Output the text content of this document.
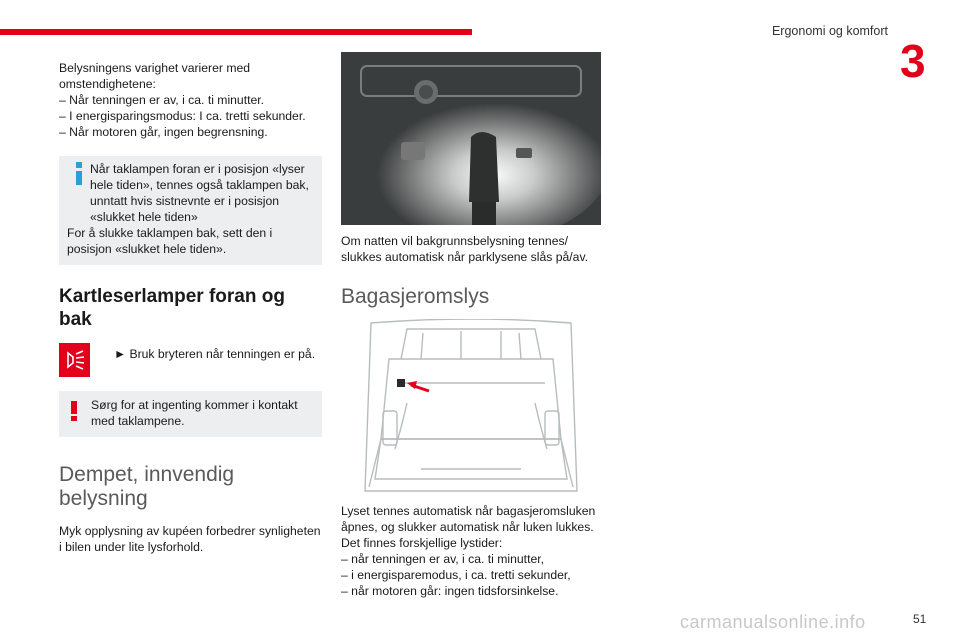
Ergonomi og komfort
3

Belysningens varighet varierer med omstendighetene:

– Når tenningen er av, i ca. ti minutter.

– I energisparingsmodus: I ca. tretti sekunder.

– Når motoren går, ingen begrensning.

Når taklampen foran er i posisjon «lyser hele tiden», tennes også taklampen bak, unntatt hvis sistnevnte er i posisjon «slukket hele tiden»

For å slukke taklampen bak, sett den i posisjon «slukket hele tiden».

Kartleserlamper foran og bak
► Bruk bryteren når tenningen er på.

Sørg for at ingenting kommer i kontakt med taklampene.

Dempet, innvendig belysning

Myk opplysning av kupéen forbedrer synligheten i bilen under lite lysforhold.

Om natten vil bakgrunnsbelysning tennes/ slukkes automatisk når parklysene slås på/av.

Bagasjeromslys

Lyset tennes automatisk når bagasjeromsluken åpnes, og slukker automatisk når luken lukkes.

Det finnes forskjellige lystider:

– når tenningen er av, i ca. ti minutter,

– i energisparemodus, i ca. tretti sekunder,

– når motoren går: ingen tidsforsinkelse.

carmanualsonline.info	51
